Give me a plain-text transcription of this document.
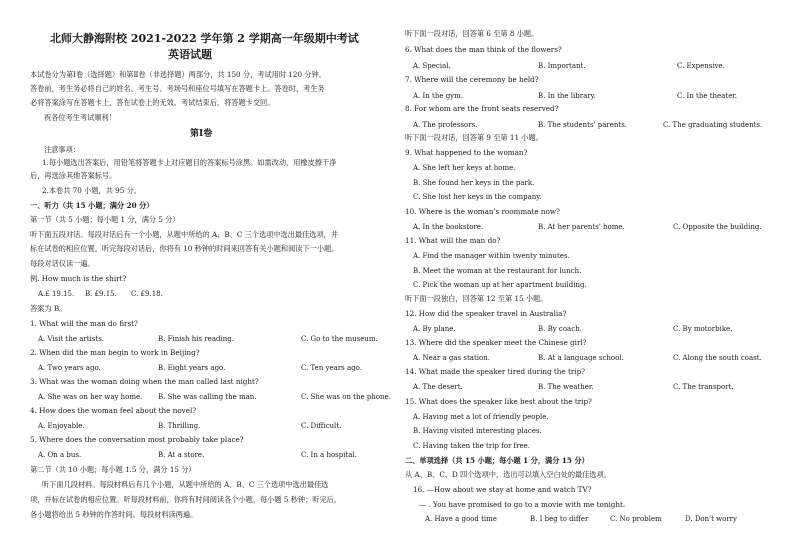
北师大静海附校 2021-2022 学年第 2 学期高一年级期中考试
英语试题
本试卷分为第Ⅰ卷（选择题）和第Ⅱ卷（非选择题）两部分，共 150 分，考试用时 120 分钟。
答卷前，考生务必将自己的姓名、考生号、考场号和座位号填写在答题卡上。答卷时，考生务
必将答案涂写在答题卡上，答在试卷上的无效。考试结束后，将答题卡交回。
祝各位考生考试顺利！
第Ⅰ卷
注意事项：
1.每小题选出答案后，用铅笔将答题卡上对应题目的答案标号涂黑。如需改动，用橡皮擦干净
后，再选涂其他答案标号。
2.本卷共 70 小题，共 95 分。
一、听力（共 15 小题；满分 20 分）
第一节（共 5 小题；每小题 1 分，满分 5 分）
听下面五段对话。每段对话后有一个小题，从题中所给的 A、B、C 三个选项中选出最佳选项，并
标在试卷的相应位置。听完每段对话后，你将有 10 秒钟的时间来回答有关小题和阅读下一小题。
每段对话仅读一遍。
例. How much is the shirt?
A.£ 19.15. B. £9.15. C. £9.18.
答案为 B。
1. What will the man do first?
A. Visit the artists.	B. Finish his reading.	C. Go to the museum.
2. When did the man begin to work in Beijing?
A. Two years ago.	B. Eight years ago.	C. Ten years ago.
3. What was the woman doing when the man called last night?
A. She was on her way home. B. She was calling the man.	C. She was on the phone.
4. How does the woman feel about the novel?
A. Enjoyable.	B. Thrilling.	C. Difficult.
5. Where does the conversation most probably take place?
A. On a bus.	B. At a store.	C. In a hospital.
第二节（共 10 小题；每小题 1.5 分，满分 15 分）
听下面几段材料。每段材料后有几个小题，从题中所给的 A、B、C 三个选项中选出最佳选
项，并标在试卷的相应位置。听每段材料前，你将有时间阅读各个小题，每小题 5 秒钟；听完后，
各小题将给出 5 秒钟的作答时间。每段材料读两遍。
听下面一段对话，回答第 6 至第 8 小题。
6. What does the man think of the flowers?
A. Special.	B. Important.	C. Expensive.
7. Where will the ceremony be held?
A. In the gym.	B. In the library.	C. In the theater.
8. For whom are the front seats reserved?
A. The professors.	B. The students' parents.	C. The graduating students.
听下面一段对话，回答第 9 至第 11 小题。
9. What happened to the woman?
A. She left her keys at home.
B. She found her keys in the park.
C. She lost her keys in the company.
10. Where is the woman's roommate now?
A. In the bookstore.	B. At her parents' home.	C. Opposite the building.
11. What will the man do?
A. Find the manager within twenty minutes.
B. Meet the woman at the restaurant for lunch.
C. Pick the woman up at her apartment building.
听下面一段独白，回答第 12 至第 15 小题。
12. How did the speaker travel in Australia?
A. By plane.	B. By coach.	C. By motorbike.
13. Where did the speaker meet the Chinese girl?
A. Near a gas station.	B. At a language school.	C. Along the south coast.
14. What made the speaker tired during the trip?
A. The desert.	B. The weather.	C. The transport.
15. What does the speaker like best about the trip?
A. Having met a lot of friendly people.
B. Having visited interesting places.
C. Having taken the trip for free.
二、单项选择（共 15 小题；每小题 1 分，满分 15 分）
从 A、B、C、D 四个选项中，选出可以填入空白处的最佳选项。
16. —How about we stay at home and watch TV?
— . You have promised to go to a movie with me tonight.
A. Have a good time	B. I beg to differ	C. No problem	D. Don't worry
